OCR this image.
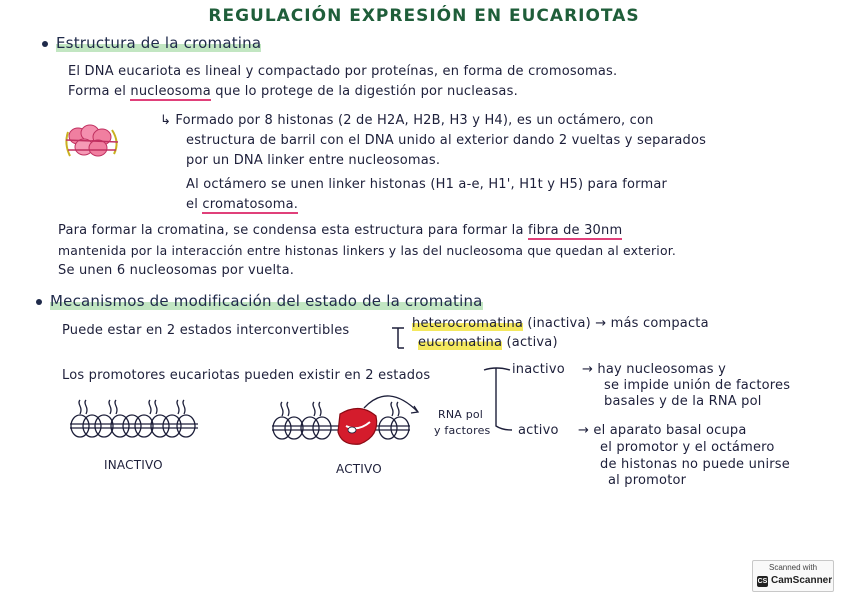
REGULACIÓN EXPRESIÓN EN EUCARIOTAS
Estructura de la cromatina
El DNA eucariota es lineal y compactado por proteínas, en forma de cromosomas.
Forma el nucleosoma que lo protege de la digestión por nucleasas.
↳ Formado por 8 histonas (2 de H2A, H2B, H3 y H4), es un octámero, con
estructura de barril con el DNA unido al exterior dando 2 vueltas y separados
por un DNA linker entre nucleosomas.
Al octámero se unen linker histonas (H1 a-e, H1', H1t y H5) para formar
el cromatosoma.
Para formar la cromatina, se condensa esta estructura para formar la fibra de 30nm
mantenida por la interacción entre histonas linkers y las del nucleosoma que quedan al exterior.
Se unen 6 nucleosomas por vuelta.
Mecanismos de modificación del estado de la cromatina
Puede estar en 2 estados interconvertibles	heterocromatina (inactiva) → más compacta
eucromatina (activa)
Los promotores eucariotas pueden existir en 2 estados	inactivo → hay nucleosomas y
se impide unión de factores
basales y de la RNA pol
activo → el aparato basal ocupa
el promotor y el octámero
de histonas no puede unirse
al promotor
INACTIVO	ACTIVO
RNA pol
y factores
Scanned with
CS CamScanner
